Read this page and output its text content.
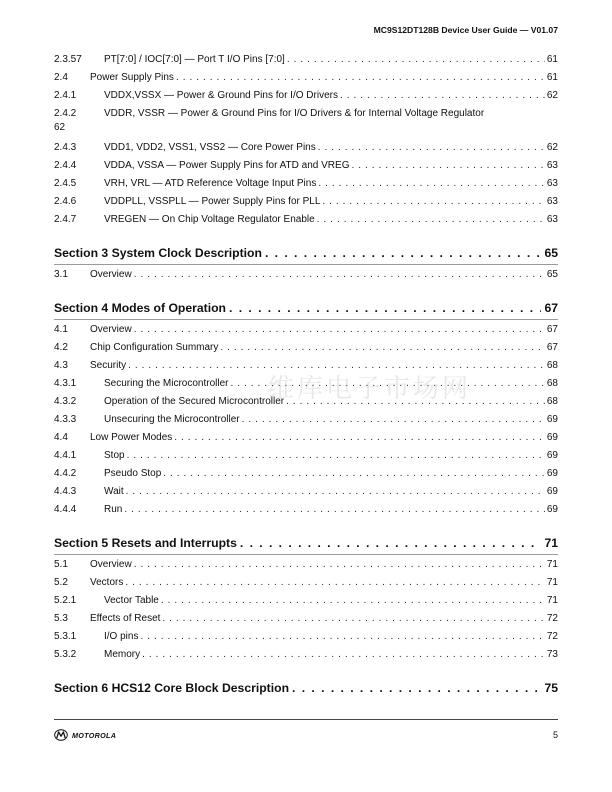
MC9S12DT128B Device User Guide — V01.07
2.3.57	PT[7:0] / IOC[7:0] — Port T I/O Pins [7:0] . . .	61
2.4	Power Supply Pins . . .	61
2.4.1	VDDX,VSSX — Power & Ground Pins for I/O Drivers . . .	62
2.4.2	VDDR, VSSR — Power & Ground Pins for I/O Drivers & for Internal Voltage Regulator
62
2.4.3	VDD1, VDD2, VSS1, VSS2 — Core Power Pins . . .	62
2.4.4	VDDA, VSSA — Power Supply Pins for ATD and VREG . . .	63
2.4.5	VRH, VRL — ATD Reference Voltage Input Pins . . .	63
2.4.6	VDDPLL, VSSPLL — Power Supply Pins for PLL . . .	63
2.4.7	VREGEN — On Chip Voltage Regulator Enable . . .	63
Section 3 System Clock Description . . .	65
3.1	Overview . . .	65
Section 4 Modes of Operation . . .	67
4.1	Overview . . .	67
4.2	Chip Configuration Summary . . .	67
4.3	Security . . .	68
4.3.1	Securing the Microcontroller . . .	68
4.3.2	Operation of the Secured Microcontroller . . .	68
4.3.3	Unsecuring the Microcontroller . . .	69
4.4	Low Power Modes . . .	69
4.4.1	Stop . . .	69
4.4.2	Pseudo Stop . . .	69
4.4.3	Wait . . .	69
4.4.4	Run . . .	69
Section 5 Resets and Interrupts . . .	71
5.1	Overview . . .	71
5.2	Vectors . . .	71
5.2.1	Vector Table . . .	71
5.3	Effects of Reset . . .	72
5.3.1	I/O pins . . .	72
5.3.2	Memory . . .	73
Section 6 HCS12 Core Block Description . . .	75
维库电子市场网
MOTOROLA	5
